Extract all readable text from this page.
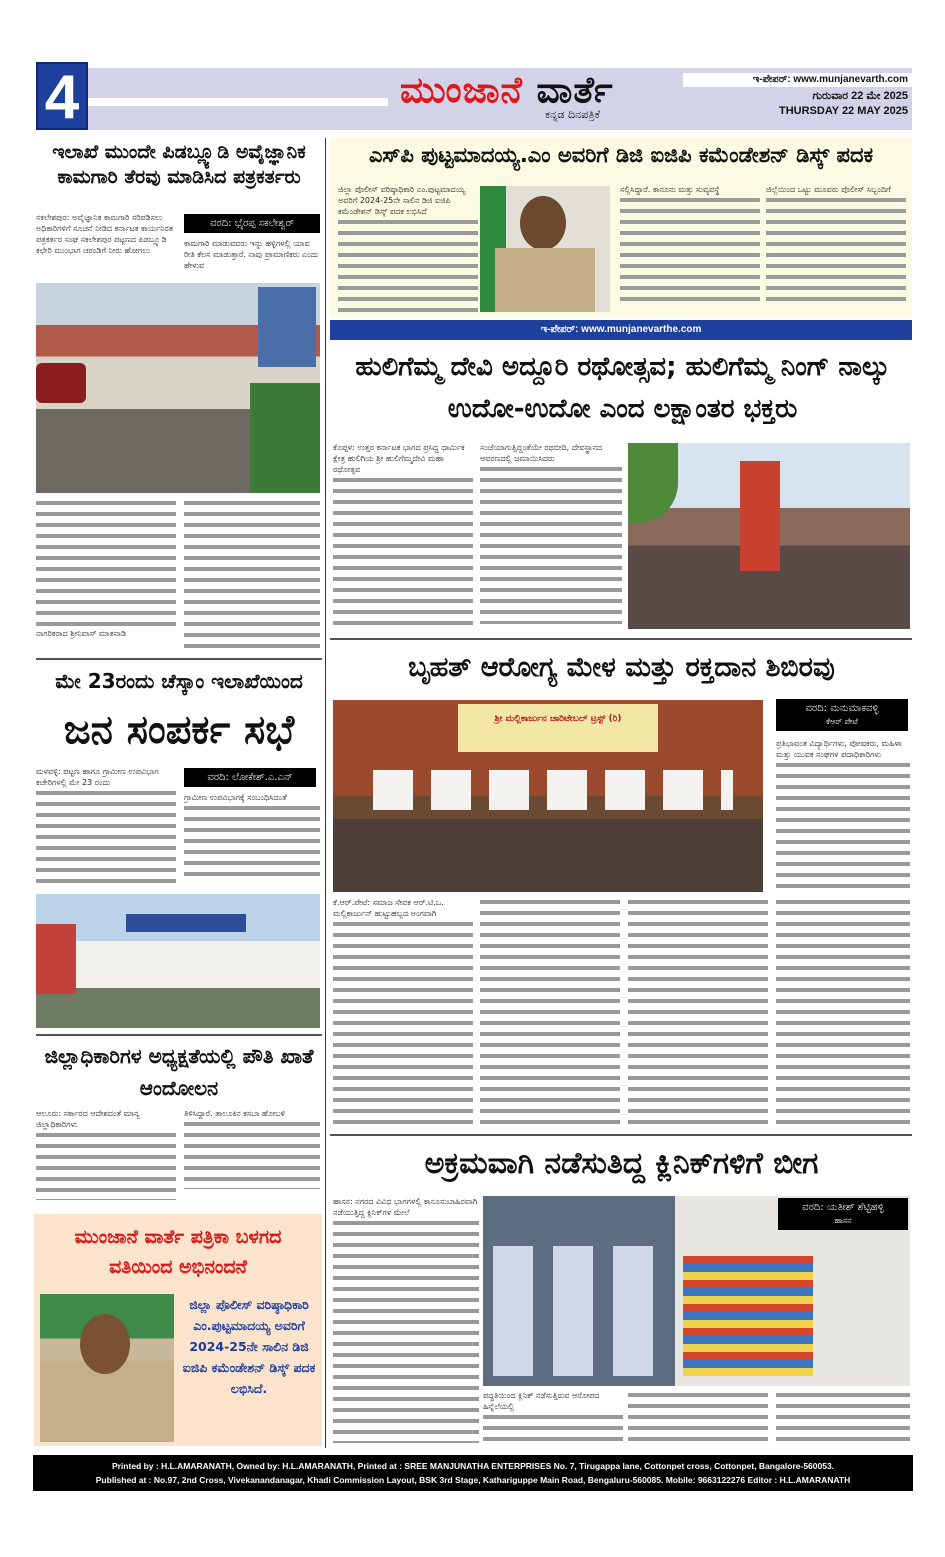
4	ಮುಂಜಾನೆ ವಾರ್ತೆ
ಕನ್ನಡ ದಿನಪತ್ರಿಕೆ
ಇ-ಪೇಪರ್: www.munjanevarth.com
ಗುರುವಾರ 22 ಮೇ 2025
THURSDAY 22 MAY 2025
ಇಲಾಖೆ ಮುಂದೇ ಪಿಡಬ್ಲ್ಯೂಡಿ ಅವೈಜ್ಞಾನಿಕ ಕಾಮಗಾರಿ ತೆರವು ಮಾಡಿಸಿದ ಪತ್ರಕರ್ತರು
ಸಕಲೇಶಪುರ: ಅವೈಜ್ಞಾನಿಕ ಕಾಮಗಾರಿ ಸರಿಪಡಿಸಲು ಅಧಿಕಾರಿಗಳಿಗೆ ಸೂಚನೆ ನೀಡಿದ ಕರ್ನಾಟಕ ಕಾರ್ಯನಿರತ ಪತ್ರಕರ್ತರ ಸಂಘ ಸಕಲೇಶಪುರ ಪಟ್ಟಣದ ಪಿಡಬ್ಲ್ಯೂಡಿ ಕಛೇರಿ ಮುಂಭಾಗ ಚರಂಡಿಗೆ ನೀರು ಹೋಗಲು
ವರದಿ: ಭೈರಪ್ಪ ಸಕಲೇಶ್ವರ್
ಕಾಮಗಾರಿ ಮಾಡುವವರು ಇನ್ನು ಹಳ್ಳಿಗಳಲ್ಲಿ ಯಾವ ರೀತಿ ಕೆಲಸ ಮಾಡುತ್ತಾರೆ. ನಾವು ಪ್ರಾಮಾಣಿಕರು ಎಂದು ಹೇಳುವ
ನಾಗರಿಕರಾದ ಶ್ರೀನಿವಾಸ್ ಮಾತನಾಡಿ
ಮೇ 23ರಂದು ಚೆಸ್ಕಾಂ ಇಲಾಖೆಯಿಂದ
ಜನ ಸಂಪರ್ಕ ಸಭೆ
ಮಳವಳ್ಳಿ: ಪಟ್ಟಣ ಹಾಗೂ ಗ್ರಾಮೀಣ ಉಪವಿಭಾಗ ಕಚೇರಿಗಳಲ್ಲಿ ಮೇ 23 ರಂದು	ವರದಿ: ಲೋಕೇಶ್.ಎ.ಎನ್
ಗ್ರಾಮೀಣ ಉಪವಿಭಾಗಕ್ಕೆ ಸಂಬಂಧಿಸಿದಂತೆ
ಜಿಲ್ಲಾಧಿಕಾರಿಗಳ ಅಧ್ಯಕ್ಷತೆಯಲ್ಲಿ ಪೌತಿ ಖಾತೆ ಆಂದೋಲನ
ಆಲೂರು: ಸರ್ಕಾರದ ಆದೇಶದಂತೆ ಮಾನ್ಯ ಜಿಲ್ಲಾಧಿಕಾರಿಗಳು
ತಿಳಿಸಿದ್ದಾರೆ. ತಾಲೂಕಿನ ಕಸಬಾ ಹೋಬಳಿ
ಮುಂಜಾನೆ ವಾರ್ತೆ ಪತ್ರಿಕಾ ಬಳಗದ ವತಿಯಿಂದ ಅಭಿನಂದನೆ
ಜಿಲ್ಲಾ ಪೊಲೀಸ್ ವರಿಷ್ಠಾಧಿಕಾರಿ ಎಂ.ಪುಟ್ಟಮಾದಯ್ಯ ಅವರಿಗೆ 2024-25ನೇ ಸಾಲಿನ ಡಿಜಿ ಐಜಿಪಿ ಕಮೆಂಡೇಶನ್ ಡಿಸ್ಕ್ ಪದಕ ಲಭಿಸಿದೆ.
ಎಸ್‌ಪಿ ಪುಟ್ಟಮಾದಯ್ಯ.ಎಂ ಅವರಿಗೆ ಡಿಜಿ ಐಜಿಪಿ ಕಮೆಂಡೇಶನ್ ಡಿಸ್ಕ್ ಪದಕ
ಜಿಲ್ಲಾ ಪೊಲೀಸ್ ವರಿಷ್ಠಾಧಿಕಾರಿ ಎಂ.ಪುಟ್ಟಮಾದಯ್ಯ ಅವರಿಗೆ 2024-25ನೇ ಸಾಲಿನ ಡಿಜಿ ಐಜಿಪಿ ಕಮೆಂಡೇಶನ್ ಡಿಸ್ಕ್ ಪದಕ ಲಭಿಸಿದೆ
ಸಲ್ಲಿಸಿದ್ದಾರೆ. ಕಾನೂನು ಮತ್ತು ಸುವ್ಯವಸ್ಥೆ	ಜಿಲ್ಲೆಯಿಂದ ಒಟ್ಟು ಮೂವರು ಪೊಲೀಸ್ ಸಿಬ್ಬಂದಿಗೆ
ಇ-ಪೇಪರ್: www.munjanevarthe.com
ಹುಲಿಗೆಮ್ಮ ದೇವಿ ಅದ್ದೂರಿ ರಥೋತ್ಸವ; ಹುಲಿಗೆಮ್ಮ ನಿಂಗ್ ನಾಲ್ಕು ಉದೋ-ಉದೋ ಎಂದ ಲಕ್ಷಾಂತರ ಭಕ್ತರು
ಕೊಪ್ಪಳ: ಉತ್ತರ ಕರ್ನಾಟಕ ಭಾಗದ ಪ್ರಸಿದ್ಧ ಧಾರ್ಮಿಕ ಕ್ಷೇತ್ರ ಹುಲಿಗಿಯ ಶ್ರೀ ಹುಲಿಗೆಮ್ಮದೇವಿ ಮಹಾ ರಥೋತ್ಸವ
ಸಂಜೆಯಾಗುತ್ತಿದ್ದಂತೆಯೇ ರಥಬೀದಿ, ದೇವಸ್ಥಾನದ ಆವರಣದಲ್ಲಿ ಜಮಾಯಿಸಿದರು
ಬೃಹತ್ ಆರೋಗ್ಯ ಮೇಳ ಮತ್ತು ರಕ್ತದಾನ ಶಿಬಿರವು
ಶ್ರೀ ಮಲ್ಲಿಕಾರ್ಜುನ ಚಾರಿಟೇಬಲ್ ಟ್ರಸ್ಟ್ (ರಿ)
ವರದಿ: ಮನುಮಾಕವಳ್ಳಿ
ಕೆಆರ್ ಪೇಟೆ
ಪ್ರತಿಭಾವಂತ ವಿದ್ಯಾರ್ಥಿಗಳು, ಪೋಷಕರು, ಮಹಿಳಾ ಮತ್ತು ಯುವಕ ಸಂಘಗಳ ಪದಾಧಿಕಾರಿಗಳು
ಕೆ.ಆರ್.ಪೇಟೆ: ಸಮಾಜ ಸೇವಕ ಆರ್.ಟಿ.ಒ. ಮಲ್ಲಿಕಾರ್ಜುನ್ ಹುಟ್ಟುಹಬ್ಬದ ಅಂಗವಾಗಿ
ಅಕ್ರಮವಾಗಿ ನಡೆಸುತಿದ್ದ ಕ್ಲಿನಿಕ್‌ಗಳಿಗೆ ಬೀಗ
ಹಾಸನ: ನಗರದ ವಿವಿಧ ಭಾಗಗಳಲ್ಲಿ ಕಾನೂನುಬಾಹಿರವಾಗಿ ನಡೆಯುತ್ತಿದ್ದ ಕ್ಲಿನಿಕ್‌ಗಳ ಮೇಲೆ	ವರದಿ: ಯತೀಶ್ ಶೆಟ್ಟಿಹಳ್ಳಿ
ಹಾಸನ
ಪದ್ಧತಿಯಿಂದ ಕ್ಲಿನಿಕ್ ನಡೆಸುತ್ತಿರುವ ಆರೋಪದ ಹಿನ್ನೆಲೆಯಲ್ಲಿ
Printed by : H.L.AMARANATH, Owned by: H.L.AMARANATH, Printed at : SREE MANJUNATHA ENTERPRISES No. 7, Tirugappa lane, Cottonpet cross, Cottonpet, Bangalore-560053.
Published at : No.97, 2nd Cross, Vivekanandanagar, Khadi Commission Layout, BSK 3rd Stage, Kathariguppe Main Road, Bengaluru-560085. Mobile: 9663122276 Editor : H.L.AMARANATH
